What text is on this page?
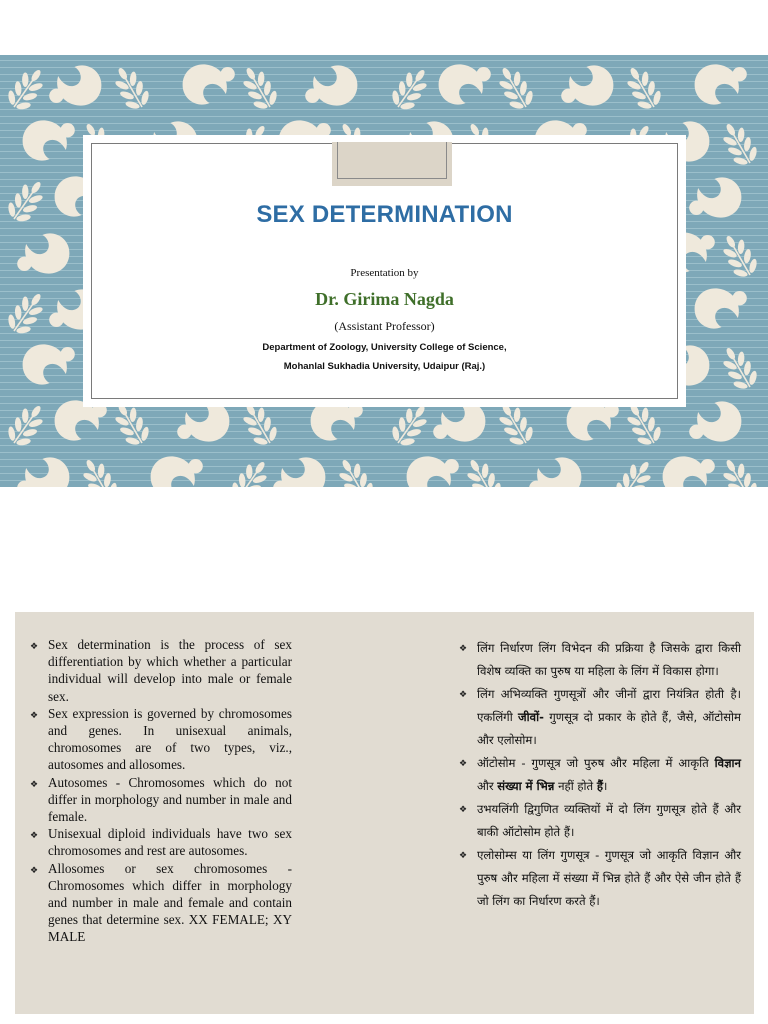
SEX DETERMINATION
Presentation by
Dr. Girima Nagda
(Assistant Professor)
Department of Zoology, University College of Science,
Mohanlal Sukhadia University, Udaipur (Raj.)
❖ Sex determination is the process of sex differentiation by which whether a particular individual will develop into male or female sex.
❖ Sex expression is governed by chromosomes and genes. In unisexual animals, chromosomes are of two types, viz., autosomes and allosomes.
❖ Autosomes - Chromosomes which do not differ in morphology and number in male and female.
❖ Unisexual diploid individuals have two sex chromosomes and rest are autosomes.
❖ Allosomes or sex chromosomes - Chromosomes which differ in morphology and number in male and female and contain genes that determine sex. XX FEMALE; XY MALE
❖ लिंग निर्धारण लिंग विभेदन की प्रक्रिया है जिसके द्वारा किसी विशेष व्यक्ति का पुरुष या महिला के लिंग में विकास होगा।
❖ लिंग अभिव्यक्ति गुणसूत्रों और जीनों द्वारा नियंत्रित होती है। एकलिंगी जीवों- गुणसूत्र दो प्रकार के होते हैं, जैसे, ऑटोसोम और एलोसोम।
❖ ऑटोसोम - गुणसूत्र जो पुरुष और महिला में आकृति विज्ञान और संख्या में भिन्न नहीं होते हैं।
❖ उभयलिंगी द्विगुणित व्यक्तियों में दो लिंग गुणसूत्र होते हैं और बाकी ऑटोसोम होते हैं।
❖ एलोसोम्स या लिंग गुणसूत्र - गुणसूत्र जो आकृति विज्ञान और पुरुष और महिला में संख्या में भिन्न होते हैं और ऐसे जीन होते हैं जो लिंग का निर्धारण करते हैं।
